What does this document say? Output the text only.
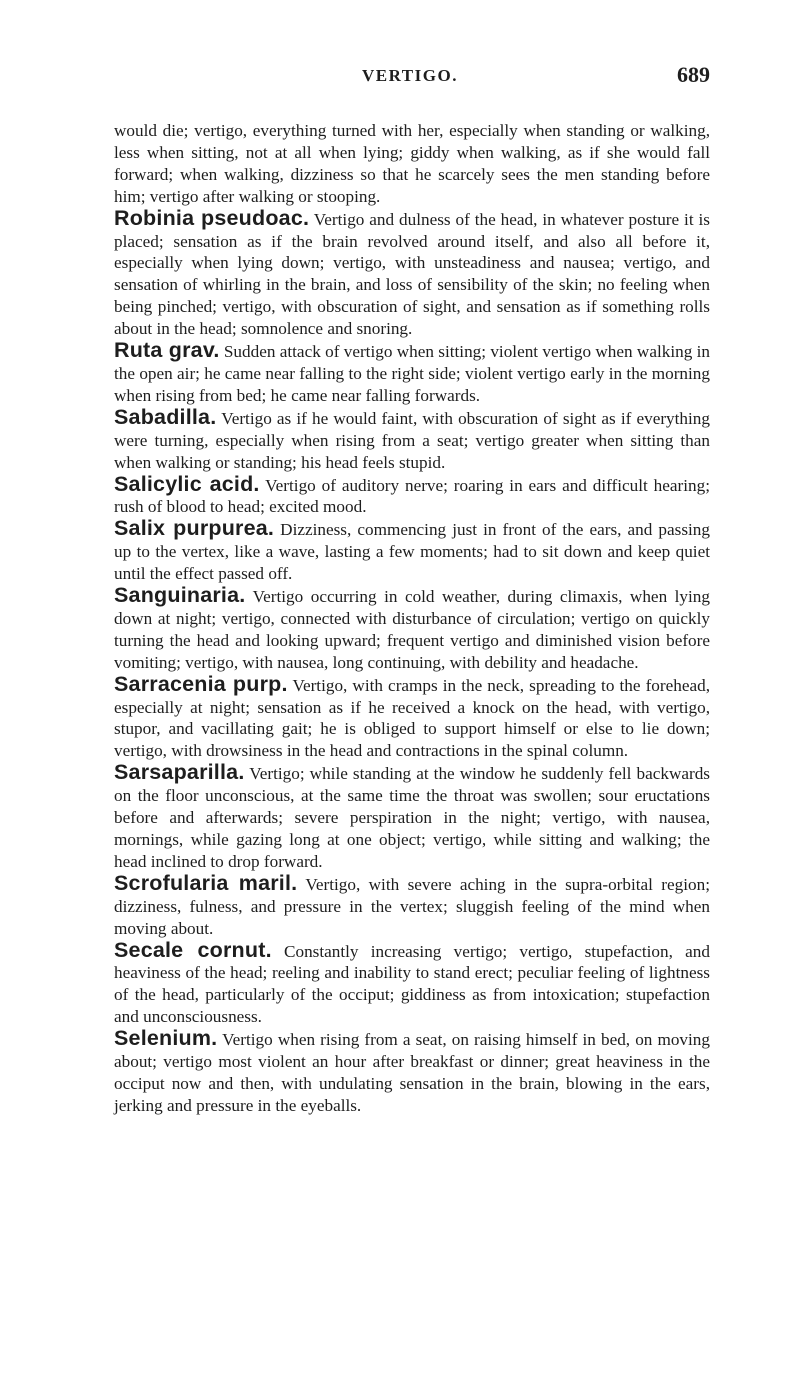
VERTIGO.	689

would die; vertigo, everything turned with her, especially when standing or walking, less when sitting, not at all when lying; giddy when walking, as if she would fall forward; when walking, dizziness so that he scarcely sees the men standing before him; vertigo after walking or stooping.

Robinia pseudoac. Vertigo and dulness of the head, in whatever posture it is placed; sensation as if the brain revolved around itself, and also all before it, especially when lying down; vertigo, with unsteadiness and nausea; vertigo, and sensation of whirling in the brain, and loss of sensibility of the skin; no feeling when being pinched; vertigo, with obscuration of sight, and sensation as if something rolls about in the head; somnolence and snoring.

Ruta grav. Sudden attack of vertigo when sitting; violent vertigo when walking in the open air; he came near falling to the right side; violent vertigo early in the morning when rising from bed; he came near falling forwards.

Sabadilla. Vertigo as if he would faint, with obscuration of sight as if everything were turning, especially when rising from a seat; vertigo greater when sitting than when walking or standing; his head feels stupid.

Salicylic acid. Vertigo of auditory nerve; roaring in ears and difficult hearing; rush of blood to head; excited mood.

Salix purpurea. Dizziness, commencing just in front of the ears, and passing up to the vertex, like a wave, lasting a few moments; had to sit down and keep quiet until the effect passed off.

Sanguinaria. Vertigo occurring in cold weather, during climaxis, when lying down at night; vertigo, connected with disturbance of circulation; vertigo on quickly turning the head and looking upward; frequent vertigo and diminished vision before vomiting; vertigo, with nausea, long continuing, with debility and headache.

Sarracenia purp. Vertigo, with cramps in the neck, spreading to the forehead, especially at night; sensation as if he received a knock on the head, with vertigo, stupor, and vacillating gait; he is obliged to support himself or else to lie down; vertigo, with drowsiness in the head and contractions in the spinal column.

Sarsaparilla. Vertigo; while standing at the window he suddenly fell backwards on the floor unconscious, at the same time the throat was swollen; sour eructations before and afterwards; severe perspiration in the night; vertigo, with nausea, mornings, while gazing long at one object; vertigo, while sitting and walking; the head inclined to drop forward.

Scrofularia maril. Vertigo, with severe aching in the supra-orbital region; dizziness, fulness, and pressure in the vertex; sluggish feeling of the mind when moving about.

Secale cornut. Constantly increasing vertigo; vertigo, stupefaction, and heaviness of the head; reeling and inability to stand erect; peculiar feeling of lightness of the head, particularly of the occiput; giddiness as from intoxication; stupefaction and unconsciousness.

Selenium. Vertigo when rising from a seat, on raising himself in bed, on moving about; vertigo most violent an hour after breakfast or dinner; great heaviness in the occiput now and then, with undulating sensation in the brain, blowing in the ears, jerking and pressure in the eyeballs.
